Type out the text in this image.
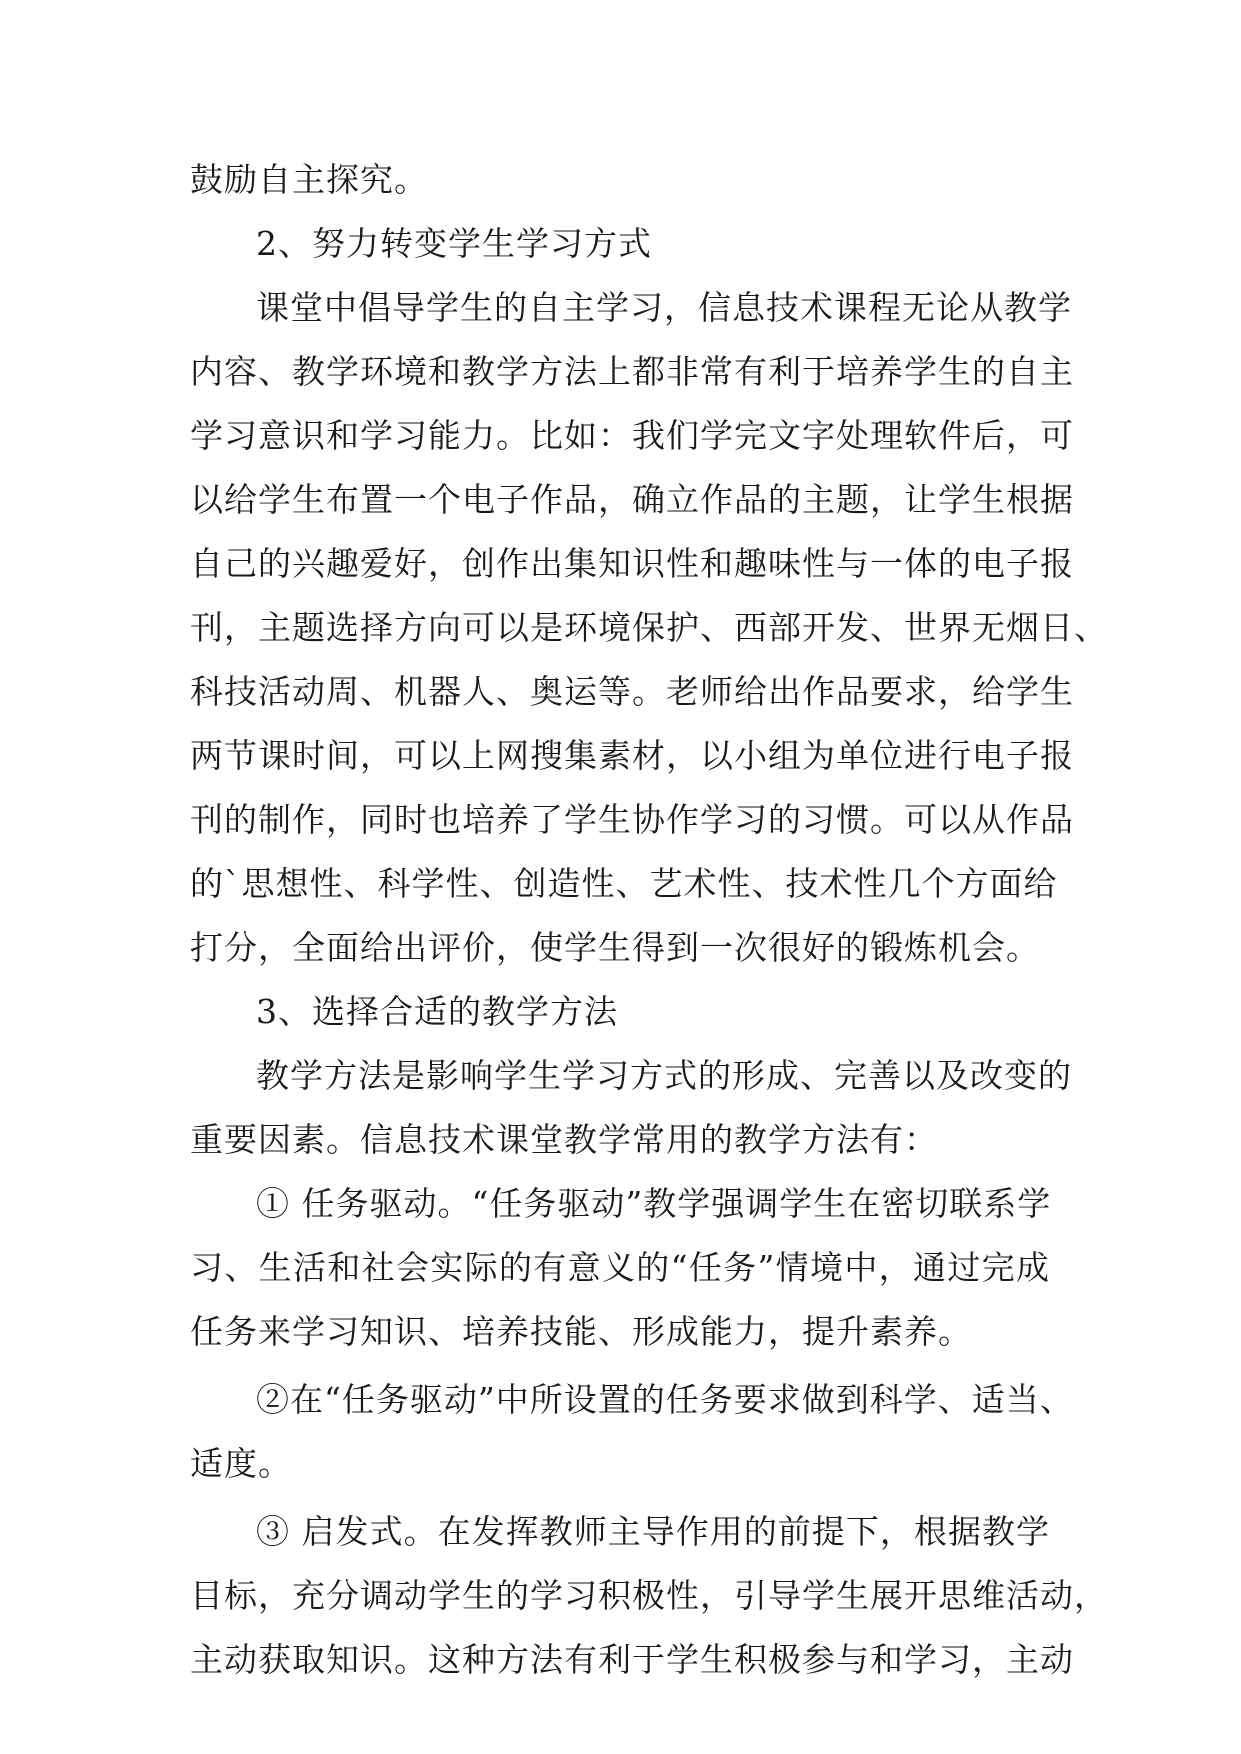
鼓励自主探究。
2、努力转变学生学习方式
课堂中倡导学生的自主学习，信息技术课程无论从教学
内容、教学环境和教学方法上都非常有利于培养学生的自主
学习意识和学习能力。比如：我们学完文字处理软件后，可
以给学生布置一个电子作品，确立作品的主题，让学生根据
自己的兴趣爱好，创作出集知识性和趣味性与一体的电子报
刊，主题选择方向可以是环境保护、西部开发、世界无烟日、
科技活动周、机器人、奥运等。老师给出作品要求，给学生
两节课时间，可以上网搜集素材，以小组为单位进行电子报
刊的制作，同时也培养了学生协作学习的习惯。可以从作品
的`思想性、科学性、创造性、艺术性、技术性几个方面给
打分，全面给出评价，使学生得到一次很好的锻炼机会。
3、选择合适的教学方法
教学方法是影响学生学习方式的形成、完善以及改变的
重要因素。信息技术课堂教学常用的教学方法有：
① 任务驱动。“任务驱动”教学强调学生在密切联系学
习、生活和社会实际的有意义的“任务”情境中，通过完成
任务来学习知识、培养技能、形成能力，提升素养。
②在“任务驱动”中所设置的任务要求做到科学、适当、
适度。
③ 启发式。在发挥教师主导作用的前提下，根据教学
目标，充分调动学生的学习积极性，引导学生展开思维活动，
主动获取知识。这种方法有利于学生积极参与和学习，主动
